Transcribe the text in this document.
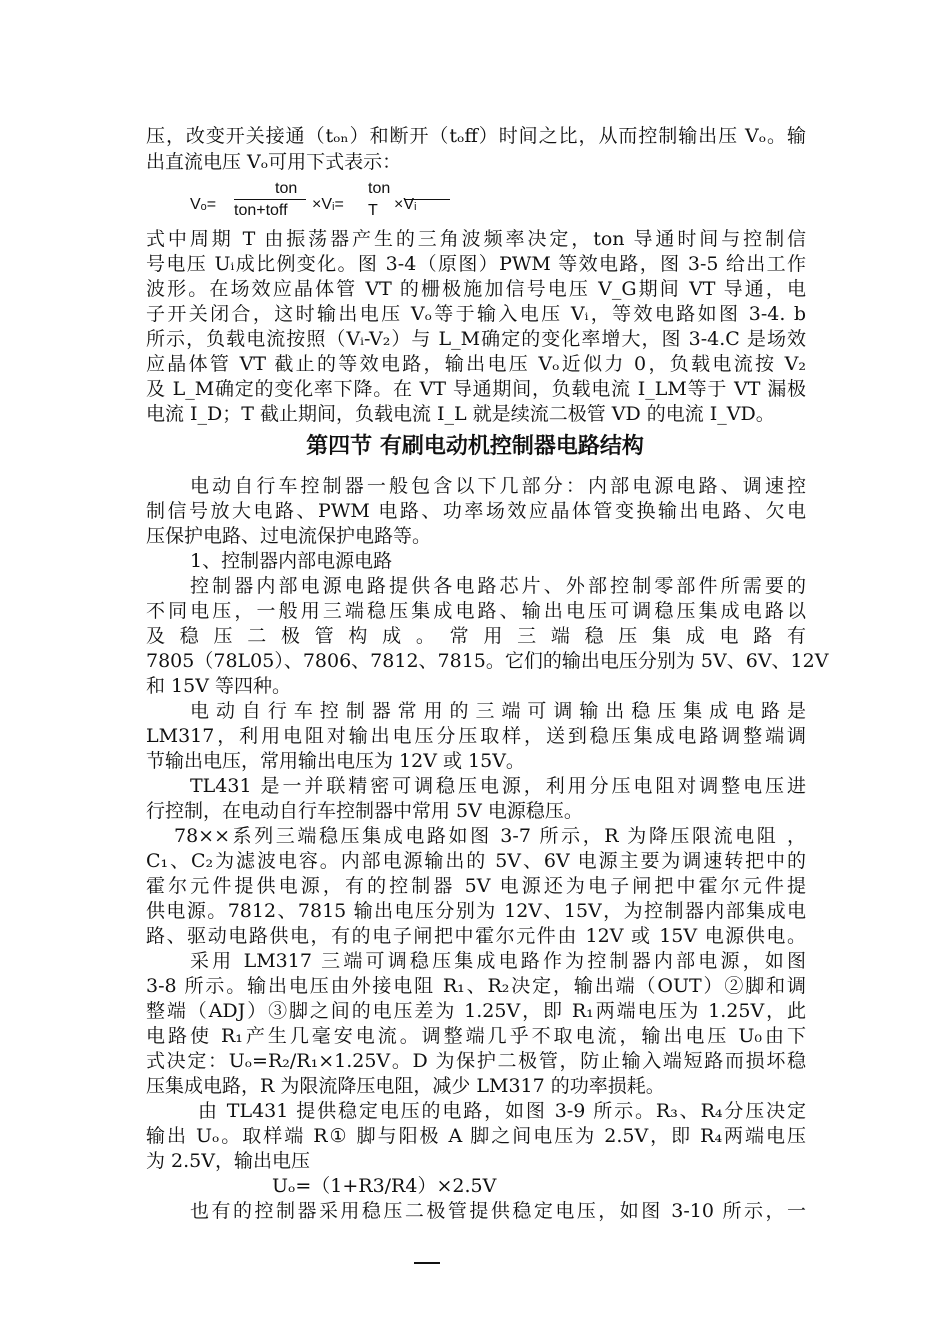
压，改变开关接通（tₒₙ）和断开（tₒff）时间之比，从而控制输出压 Vₒ。输
出直流电压 Vₒ可用下式表示：
Vₒ=
ton
ton+toff ×Vᵢ=
ton
T ×Vᵢ
式中周期 T 由振荡器产生的三角波频率决定，ton 导通时间与控制信
号电压 Uᵢ成比例变化。图 3-4（原图）PWM 等效电路，图 3-5 给出工作
波形。在场效应晶体管 VT 的栅极施加信号电压 V_G期间 VT 导通，电
子开关闭合，这时输出电压 Vₒ等于输入电压 Vᵢ，等效电路如图 3-4. b
所示，负载电流按照（Vᵢ-V₂）与 L_M确定的变化率增大，图 3-4.C 是场效
应晶体管 VT 截止的等效电路，输出电压 Vₒ近似力 0，负载电流按 V₂
及 L_M确定的变化率下降。在 VT 导通期间，负载电流 I_LM等于 VT 漏极
电流 I_D；T 截止期间，负载电流 I_L 就是续流二极管 VD 的电流 I_VD。
第四节 有刷电动机控制器电路结构
电动自行车控制器一般包含以下几部分：内部电源电路、调速控
制信号放大电路、PWM 电路、功率场效应晶体管变换输出电路、欠电
压保护电路、过电流保护电路等。
1、控制器内部电源电路
控制器内部电源电路提供各电路芯片、外部控制零部件所需要的
不同电压，一般用三端稳压集成电路、输出电压可调稳压集成电路以
及 稳 压 二 极 管 构 成 。 常 用 三 端 稳 压 集 成 电 路 有
7805（78L05）、7806、7812、7815。它们的输出电压分别为 5V、6V、12V
和 15V 等四种。
电动自行车控制器常用的三端可调输出稳压集成电路是
LM317，利用电阻对输出电压分压取样，送到稳压集成电路调整端调
节输出电压，常用输出电压为 12V 或 15V。
TL431 是一并联精密可调稳压电源，利用分压电阻对调整电压进
行控制，在电动自行车控制器中常用 5V 电源稳压。
78××系列三端稳压集成电路如图 3-7 所示，R 为降压限流电阻 ，
C₁、C₂为滤波电容。内部电源输出的 5V、6V 电源主要为调速转把中的
霍尔元件提供电源，有的控制器 5V 电源还为电子闸把中霍尔元件提
供电源。7812、7815 输出电压分别为 12V、15V，为控制器内部集成电
路、驱动电路供电，有的电子闸把中霍尔元件由 12V 或 15V 电源供电。
采用 LM317 三端可调稳压集成电路作为控制器内部电源，如图
3-8 所示。输出电压由外接电阻 R₁、R₂决定，输出端（OUT）②脚和调
整端（ADJ）③脚之间的电压差为 1.25V，即 R₁两端电压为 1.25V，此
电路使 R₁产生几毫安电流。调整端几乎不取电流，输出电压 U₀由下
式决定：Uₒ=R₂/R₁×1.25V。D 为保护二极管，防止输入端短路而损坏稳
压集成电路，R 为限流降压电阻，减少 LM317 的功率损耗。
由 TL431 提供稳定电压的电路，如图 3-9 所示。R₃、R₄分压决定
输出 Uₒ。取样端 R① 脚与阳极 A 脚之间电压为 2.5V，即 R₄两端电压
为 2.5V，输出电压
Uₒ=（1+R3/R4）×2.5V
也有的控制器采用稳压二极管提供稳定电压，如图 3-10 所示，一
